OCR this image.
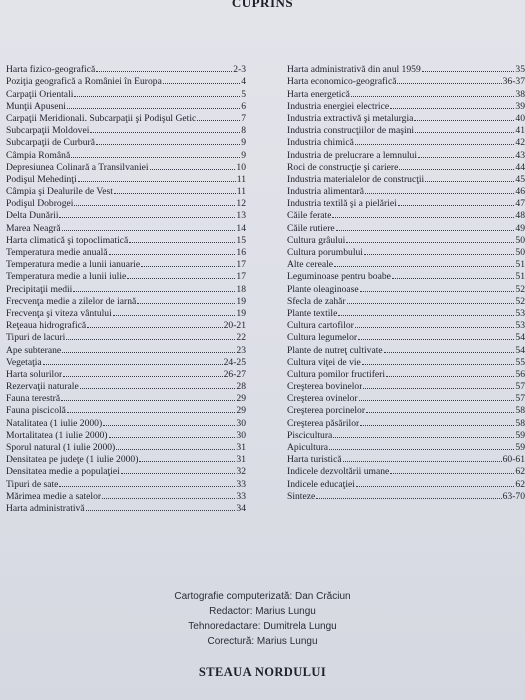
CUPRINS
Harta fizico-geografică	2-3
Poziţia geografică a României în Europa	4
Carpaţii Orientali	5
Munţii Apuseni	6
Carpaţii Meridionali. Subcarpaţii şi Podişul Getic	7
Subcarpaţii Moldovei	8
Subcarpaţii de Curbură	9
Câmpia Română	9
Depresiunea Colinară a Transilvaniei	10
Podişul Mehedinţi	11
Câmpia şi Dealurile de Vest	11
Podişul Dobrogei	12
Delta Dunării	13
Marea Neagră	14
Harta climatică şi topoclimatică	15
Temperatura medie anuală	16
Temperatura medie a lunii ianuarie	17
Temperatura medie a lunii iulie	17
Precipitaţii medii	18
Frecvenţa medie a zilelor de iarnă	19
Frecvenţa şi viteza vântului	19
Reţeaua hidrografică	20-21
Tipuri de lacuri	22
Ape subterane	23
Vegetaţia	24-25
Harta solurilor	26-27
Rezervaţii naturale	28
Fauna terestră	29
Fauna piscicolă	29
Natalitatea (1 iulie 2000)	30
Mortalitatea (1 iulie 2000)	30
Sporul natural (1 iulie 2000)	31
Densitatea pe judeţe (1 iulie 2000)	31
Densitatea medie a populaţiei	32
Tipuri de sate	33
Mărimea medie a satelor	33
Harta administrativă	34
Harta administrativă din anul 1959	35
Harta economico-geografică	36-37
Harta energetică	38
Industria energiei electrice	39
Industria extractivă şi metalurgia	40
Industria construcţiilor de maşini	41
Industria chimică	42
Industria de prelucrare a lemnului	43
Roci de construcţie şi cariere	44
Industria materialelor de construcţii	45
Industria alimentară	46
Industria textilă şi a pielăriei	47
Căile ferate	48
Căile rutiere	49
Cultura grâului	50
Cultura porumbului	50
Alte cereale	51
Leguminoase pentru boabe	51
Plante oleaginoase	52
Sfecla de zahăr	52
Plante textile	53
Cultura cartofilor	53
Cultura legumelor	54
Plante de nutreţ cultivate	54
Cultura viţei de vie	55
Cultura pomilor fructiferi	56
Creşterea bovinelor	57
Creşterea ovinelor	57
Creşterea porcinelor	58
Creşterea păsărilor	58
Piscicultura	59
Apicultura	59
Harta turistică	60-61
Indicele dezvoltării umane	62
Indicele educaţiei	62
Sinteze	63-70
Cartografie computerizată: Dan Crăciun
Redactor: Marius Lungu
Tehnoredactare: Dumitrela Lungu
Corectură: Marius Lungu
STEAUA NORDULUI
